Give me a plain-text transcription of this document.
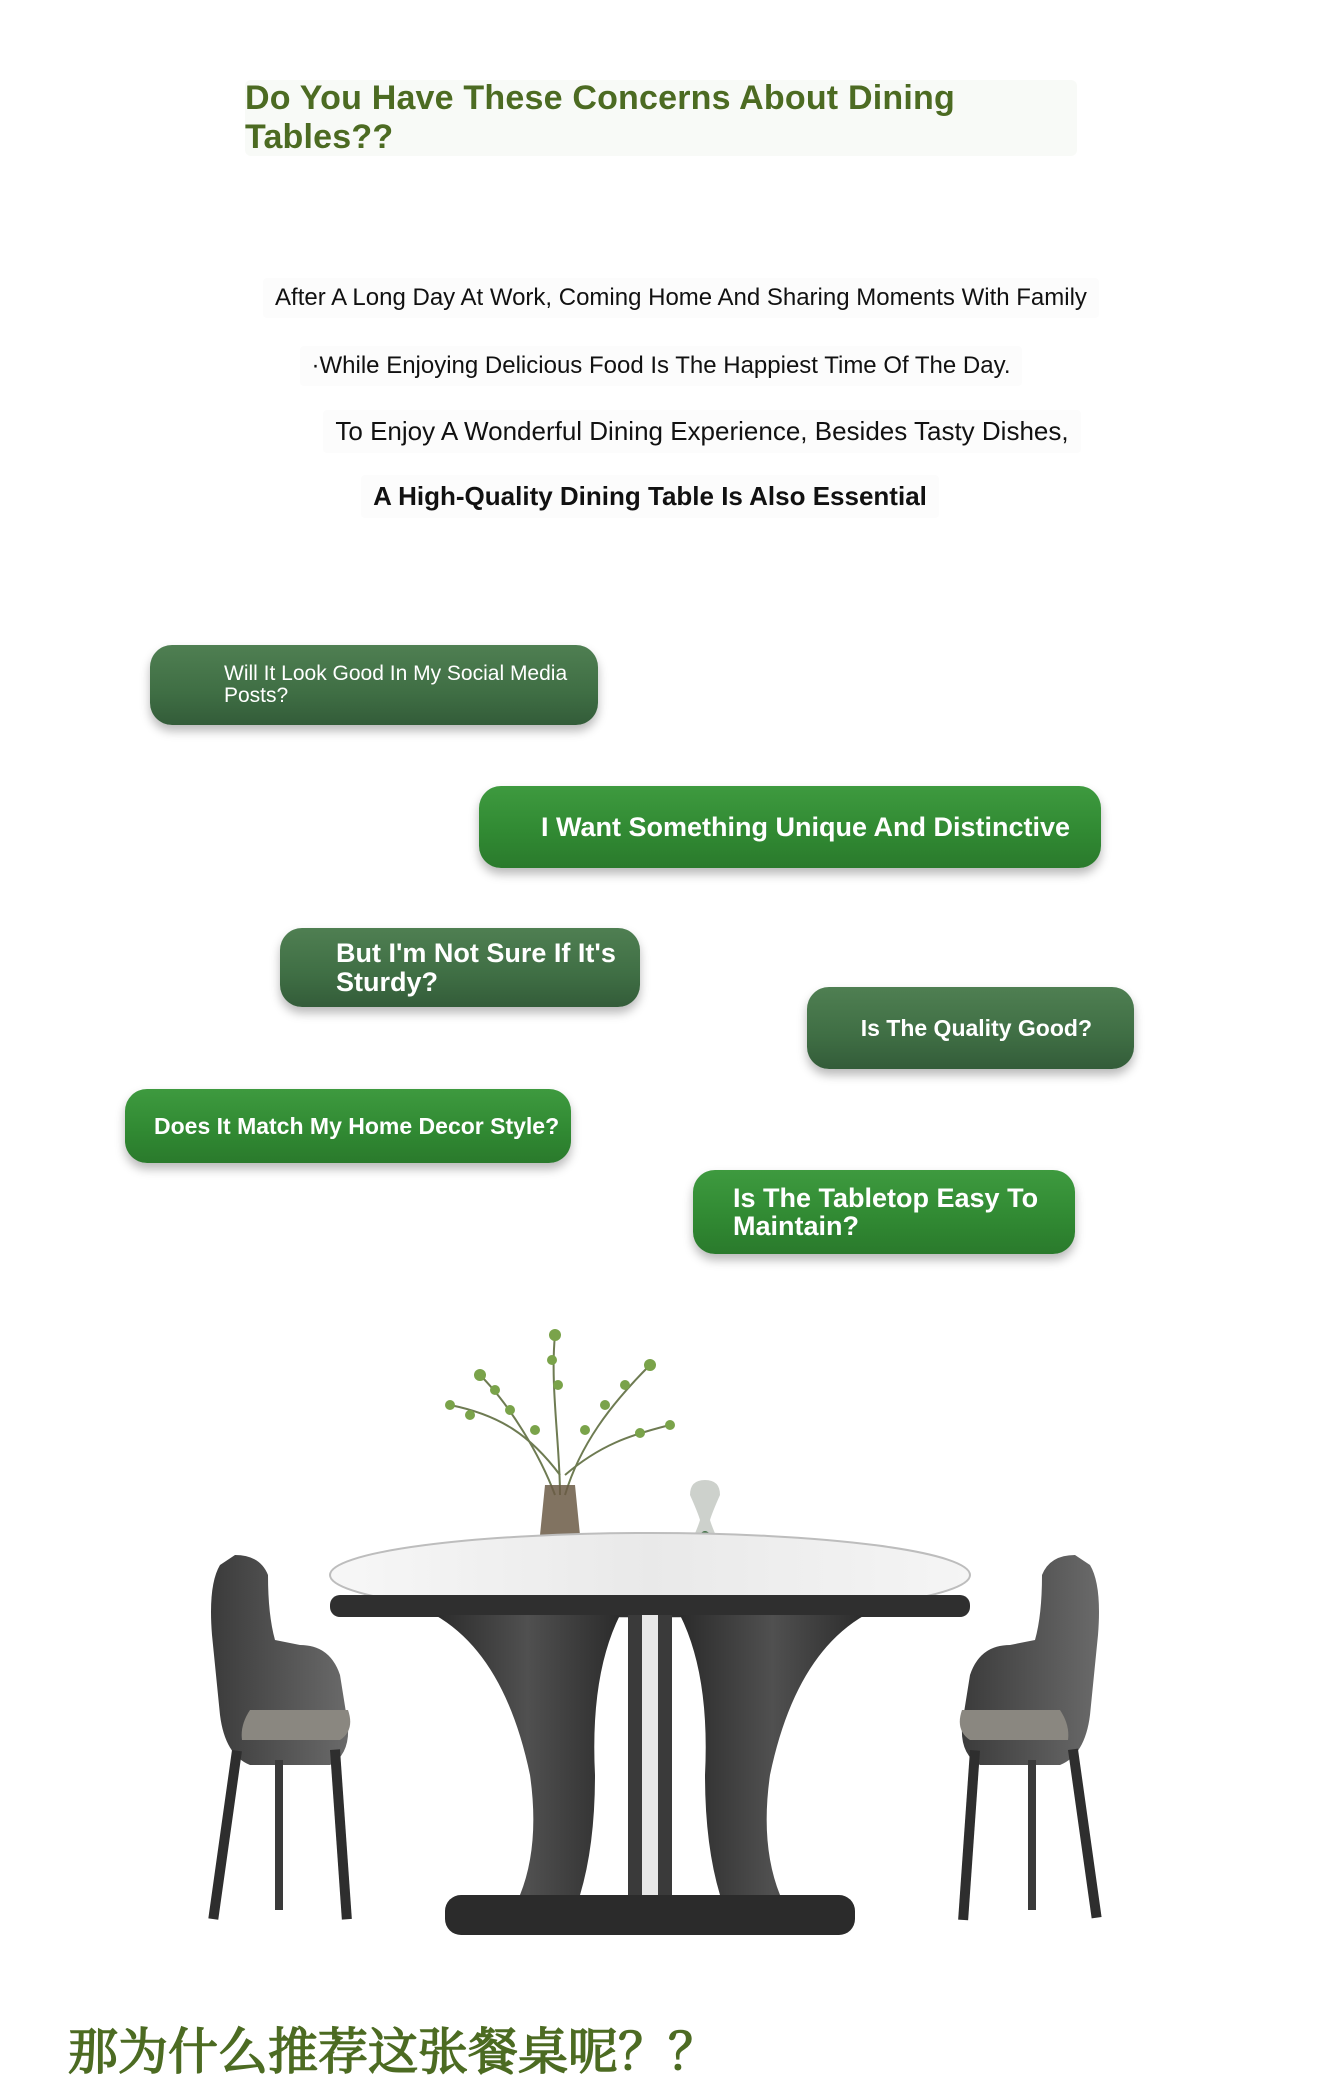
Do You Have These Concerns About Dining Tables??
After A Long Day At Work, Coming Home And Sharing Moments With Family
·While Enjoying Delicious Food Is The Happiest Time Of The Day.
To Enjoy A Wonderful Dining Experience, Besides Tasty Dishes,
A High-Quality Dining Table Is Also Essential
Will It Look Good In My Social Media Posts?
I Want Something Unique And Distinctive
But I'm Not Sure If It's Sturdy?
Is The Quality Good?
Does It Match My Home Decor Style?
Is The Tabletop Easy To Maintain?
那为什么推荐这张餐桌呢？？
